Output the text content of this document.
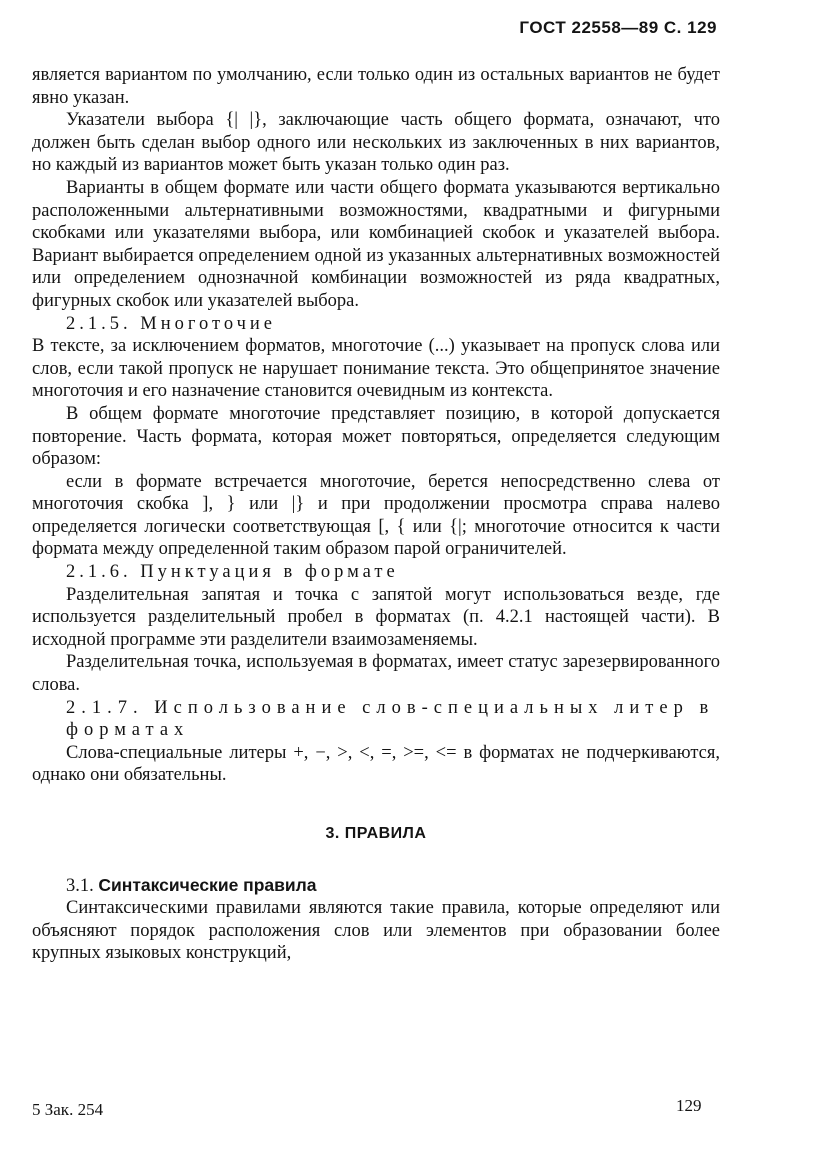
ГОСТ 22558—89 С. 129

является вариантом по умолчанию, если только один из остальных вариантов не будет явно указан.

Указатели выбора {| |}, заключающие часть общего формата, означают, что должен быть сделан выбор одного или нескольких из заключенных в них вариантов, но каждый из вариантов может быть указан только один раз.

Варианты в общем формате или части общего формата указываются вертикально расположенными альтернативными возможностями, квадратными и фигурными скобками или указателями выбора, или комбинацией скобок и указателей выбора. Вариант выбирается определением одной из указанных альтернативных возможностей или определением однозначной комбинации возможностей из ряда квадратных, фигурных скобок или указателей выбора.

2.1.5. Многоточие

В тексте, за исключением форматов, многоточие (...) указывает на пропуск слова или слов, если такой пропуск не нарушает понимание текста. Это общепринятое значение многоточия и его назначение становится очевидным из контекста.

В общем формате многоточие представляет позицию, в которой допускается повторение. Часть формата, которая может повторяться, определяется следующим образом:

если в формате встречается многоточие, берется непосредственно слева от многоточия скобка ], } или |} и при продолжении просмотра справа налево определяется логически соответствующая [, { или {|; многоточие относится к части формата между определенной таким образом парой ограничителей.

2.1.6. Пунктуация в формате

Разделительная запятая и точка с запятой могут использоваться везде, где используется разделительный пробел в форматах (п. 4.2.1 настоящей части). В исходной программе эти разделители взаимозаменяемы.

Разделительная точка, используемая в форматах, имеет статус зарезервированного слова.

2.1.7. Использование слов-специальных литер в форматах

Слова-специальные литеры +, −, >, <, =, >=, <= в форматах не подчеркиваются, однако они обязательны.

3. ПРАВИЛА

3.1. Синтаксические правила

Синтаксическими правилами являются такие правила, которые определяют или объясняют порядок расположения слов или элементов при образовании более крупных языковых конструкций,

5 Зак. 254	129
